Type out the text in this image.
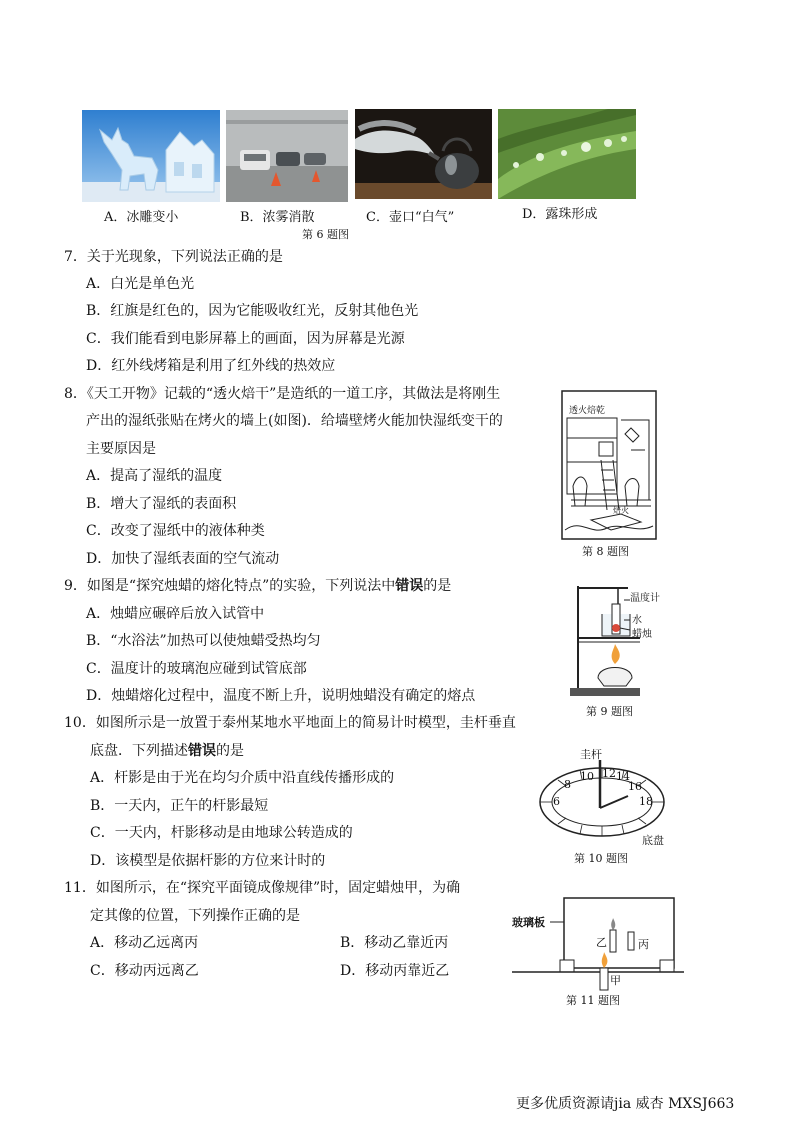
A．冰雕变小	B．浓雾消散	C．壶口“白气”	D．露珠形成
第 6 题图
7．关于光现象，下列说法正确的是
A．白光是单色光
B．红旗是红色的，因为它能吸收红光，反射其他色光
C．我们能看到电影屏幕上的画面，因为屏幕是光源
D．红外线烤箱是利用了红外线的热效应
8．《天工开物》记载的“透火焙干”是造纸的一道工序，其做法是将刚生
产出的湿纸张贴在烤火的墙上(如图)．给墙壁烤火能加快湿纸变干的
主要原因是
A．提高了湿纸的温度
B．增大了湿纸的表面积
C．改变了湿纸中的液体种类
D．加快了湿纸表面的空气流动
透火焙乾
焙火
第 8 题图
9．如图是“探究烛蜡的熔化特点”的实验，下列说法中错误的是
A．烛蜡应碾碎后放入试管中
B．“水浴法”加热可以使烛蜡受热均匀
C．温度计的玻璃泡应碰到试管底部
D．烛蜡熔化过程中，温度不断上升，说明烛蜡没有确定的熔点
温度计
水
蜡烛
第 9 题图
10．如图所示是一放置于泰州某地水平地面上的简易计时模型，圭杆垂直
底盘．下列描述错误的是
A．杆影是由于光在均匀介质中沿直线传播形成的
B．一天内，正午的杆影最短
C．一天内，杆影移动是由地球公转造成的
D．该模型是依据杆影的方位来计时的
圭杆
底盘
6
8
10 12 14
16
18
第 10 题图
11．如图所示，在“探究平面镜成像规律”时，固定蜡烛甲，为确
定其像的位置，下列操作正确的是
A．移动乙远离丙	B．移动乙靠近丙
C．移动丙远离乙	D．移动丙靠近乙
玻璃板
乙	丙
甲
第 11 题图
更多优质资源请jia 威杏 MXSJ663
